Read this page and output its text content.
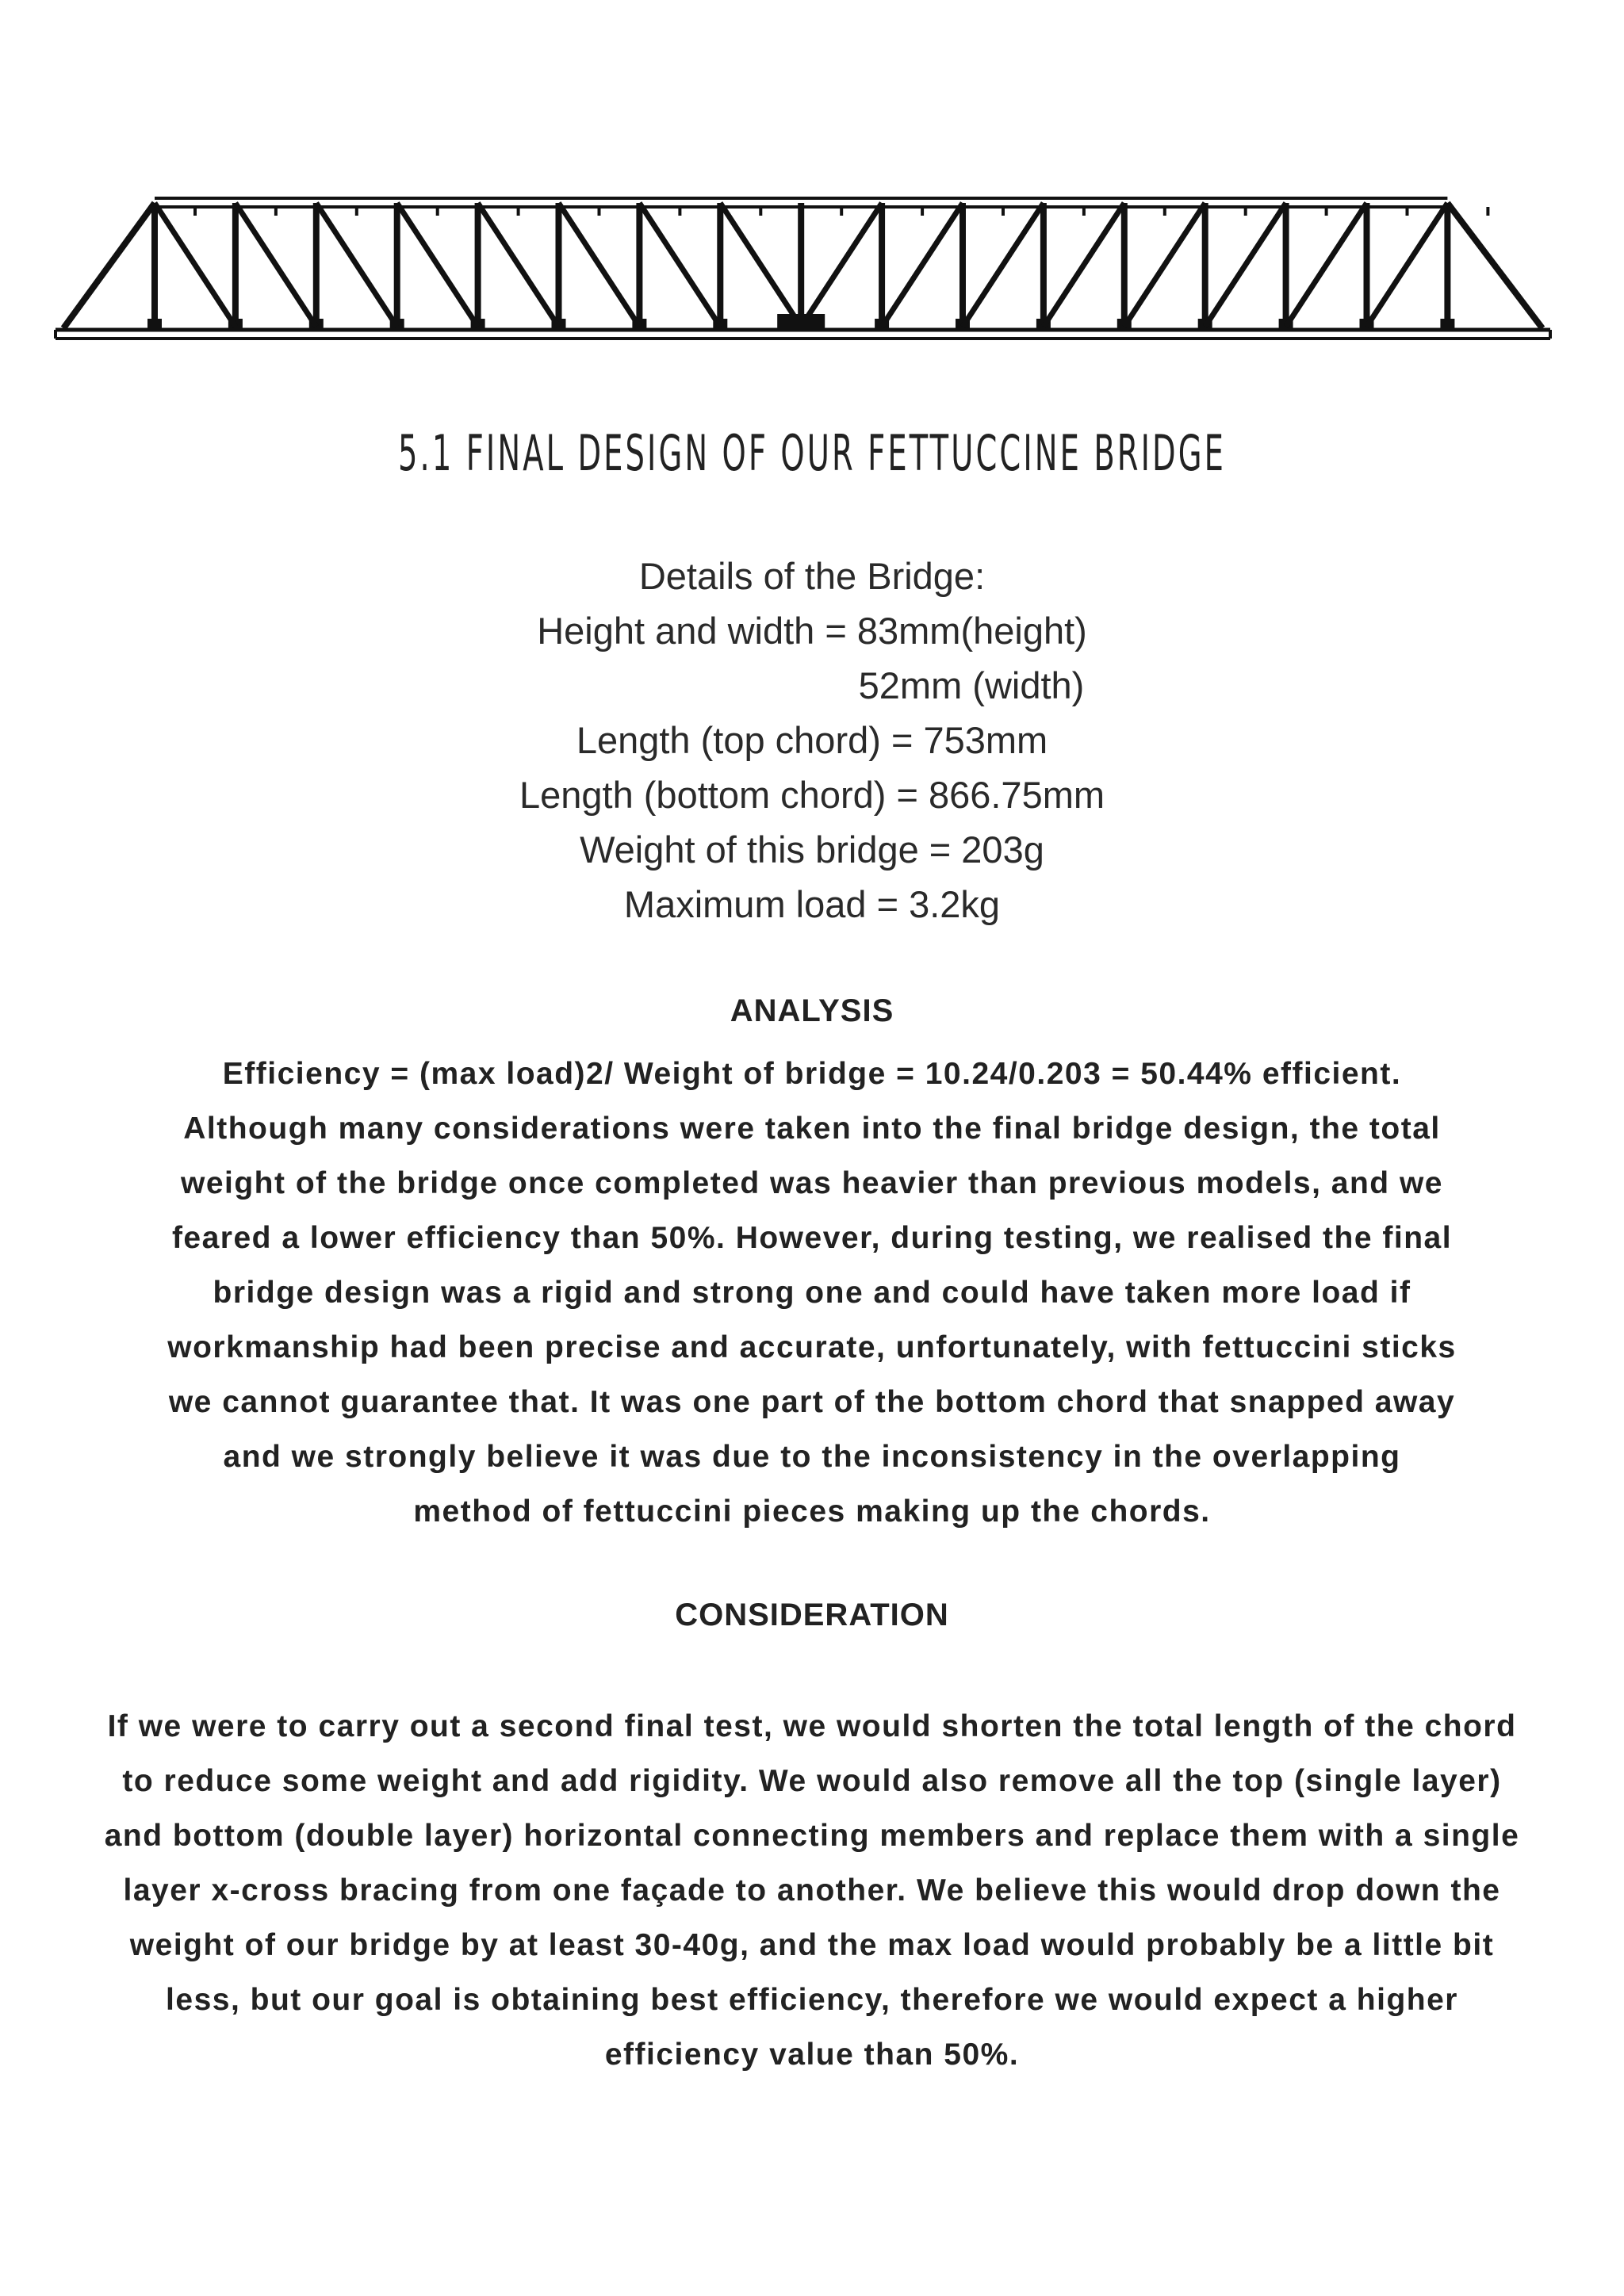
5.1 FINAL DESIGN OF OUR FETTUCCINE BRIDGE
Details of the Bridge:
Height and width = 83mm(height)
52mm (width)
Length (top chord) = 753mm
Length (bottom chord) = 866.75mm
Weight of this bridge = 203g
Maximum load = 3.2kg
ANALYSIS
Efficiency = (max load)2/ Weight of bridge = 10.24/0.203 = 50.44% efficient.
Although many considerations were taken into the final bridge design, the total
weight of the bridge once completed was heavier than previous models, and we
feared a lower efficiency than 50%. However, during testing, we realised the final
bridge design was a rigid and strong one and could have taken more load if
workmanship had been precise and accurate, unfortunately, with fettuccini sticks
we cannot guarantee that. It was one part of the bottom chord that snapped away
and we strongly believe it was due to the inconsistency in the overlapping
method of fettuccini pieces making up the chords.
CONSIDERATION
If we were to carry out a second final test, we would shorten the total length of the chord
to reduce some weight and add rigidity. We would also remove all the top (single layer)
and bottom (double layer) horizontal connecting members and replace them with a single
layer x-cross bracing from one façade to another. We believe this would drop down the
weight of our bridge by at least 30-40g, and the max load would probably be a little bit
less, but our goal is obtaining best efficiency, therefore we would expect a higher
efficiency value than 50%.
